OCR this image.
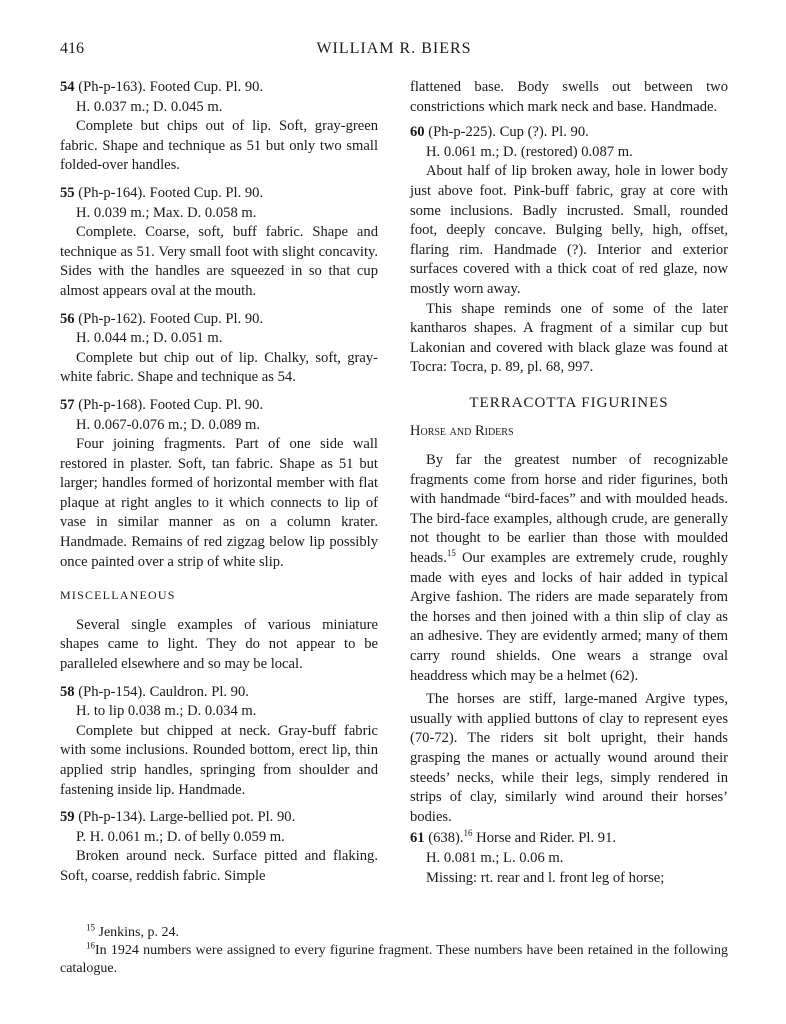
416	WILLIAM R. BIERS

54 (Ph-p-163). Footed Cup. Pl. 90.

H. 0.037 m.; D. 0.045 m.

Complete but chips out of lip. Soft, gray-green fabric. Shape and technique as 51 but only two small folded-over handles.

55 (Ph-p-164). Footed Cup. Pl. 90.

H. 0.039 m.; Max. D. 0.058 m.

Complete. Coarse, soft, buff fabric. Shape and technique as 51. Very small foot with slight concavity. Sides with the handles are squeezed in so that cup almost appears oval at the mouth.

56 (Ph-p-162). Footed Cup. Pl. 90.

H. 0.044 m.; D. 0.051 m.

Complete but chip out of lip. Chalky, soft, gray-white fabric. Shape and technique as 54.

57 (Ph-p-168). Footed Cup. Pl. 90.

H. 0.067-0.076 m.; D. 0.089 m.

Four joining fragments. Part of one side wall restored in plaster. Soft, tan fabric. Shape as 51 but larger; handles formed of horizontal member with flat plaque at right angles to it which connects to lip of vase in similar manner as on a column krater. Handmade. Remains of red zigzag below lip possibly once painted over a strip of white slip.

MISCELLANEOUS

Several single examples of various miniature shapes came to light. They do not appear to be paralleled elsewhere and so may be local.

58 (Ph-p-154). Cauldron. Pl. 90.

H. to lip 0.038 m.; D. 0.034 m.

Complete but chipped at neck. Gray-buff fabric with some inclusions. Rounded bottom, erect lip, thin applied strip handles, springing from shoulder and fastening inside lip. Handmade.

59 (Ph-p-134). Large-bellied pot. Pl. 90.

P. H. 0.061 m.; D. of belly 0.059 m.

Broken around neck. Surface pitted and flaking. Soft, coarse, reddish fabric. Simple

flattened base. Body swells out between two constrictions which mark neck and base. Handmade.

60 (Ph-p-225). Cup (?). Pl. 90.

H. 0.061 m.; D. (restored) 0.087 m.

About half of lip broken away, hole in lower body just above foot. Pink-buff fabric, gray at core with some inclusions. Badly incrusted. Small, rounded foot, deeply concave. Bulging belly, high, offset, flaring rim. Handmade (?). Interior and exterior surfaces covered with a thick coat of red glaze, now mostly worn away.

This shape reminds one of some of the later kantharos shapes. A fragment of a similar cup but Lakonian and covered with black glaze was found at Tocra: Tocra, p. 89, pl. 68, 997.

TERRACOTTA FIGURINES

Horse and Riders

By far the greatest number of recognizable fragments come from horse and rider figurines, both with handmade “bird-faces” and with moulded heads. The bird-face examples, although crude, are generally not thought to be earlier than those with moulded heads.$^{15}$ Our examples are extremely crude, roughly made with eyes and locks of hair added in typical Argive fashion. The riders are made separately from the horses and then joined with a thin slip of clay as an adhesive. They are evidently armed; many of them carry round shields. One wears a strange oval headdress which may be a helmet (62).

The horses are stiff, large-maned Argive types, usually with applied buttons of clay to represent eyes (70-72). The riders sit bolt upright, their hands grasping the manes or actually wound around their steeds’ necks, while their legs, simply rendered in strips of clay, similarly wind around their horses’ bodies.

61 (638).$^{16}$ Horse and Rider. Pl. 91.

H. 0.081 m.; L. 0.06 m.

Missing: rt. rear and l. front leg of horse;

$^{15}$ Jenkins, p. 24.

$^{16}$In 1924 numbers were assigned to every figurine fragment. These numbers have been retained in the following catalogue.
